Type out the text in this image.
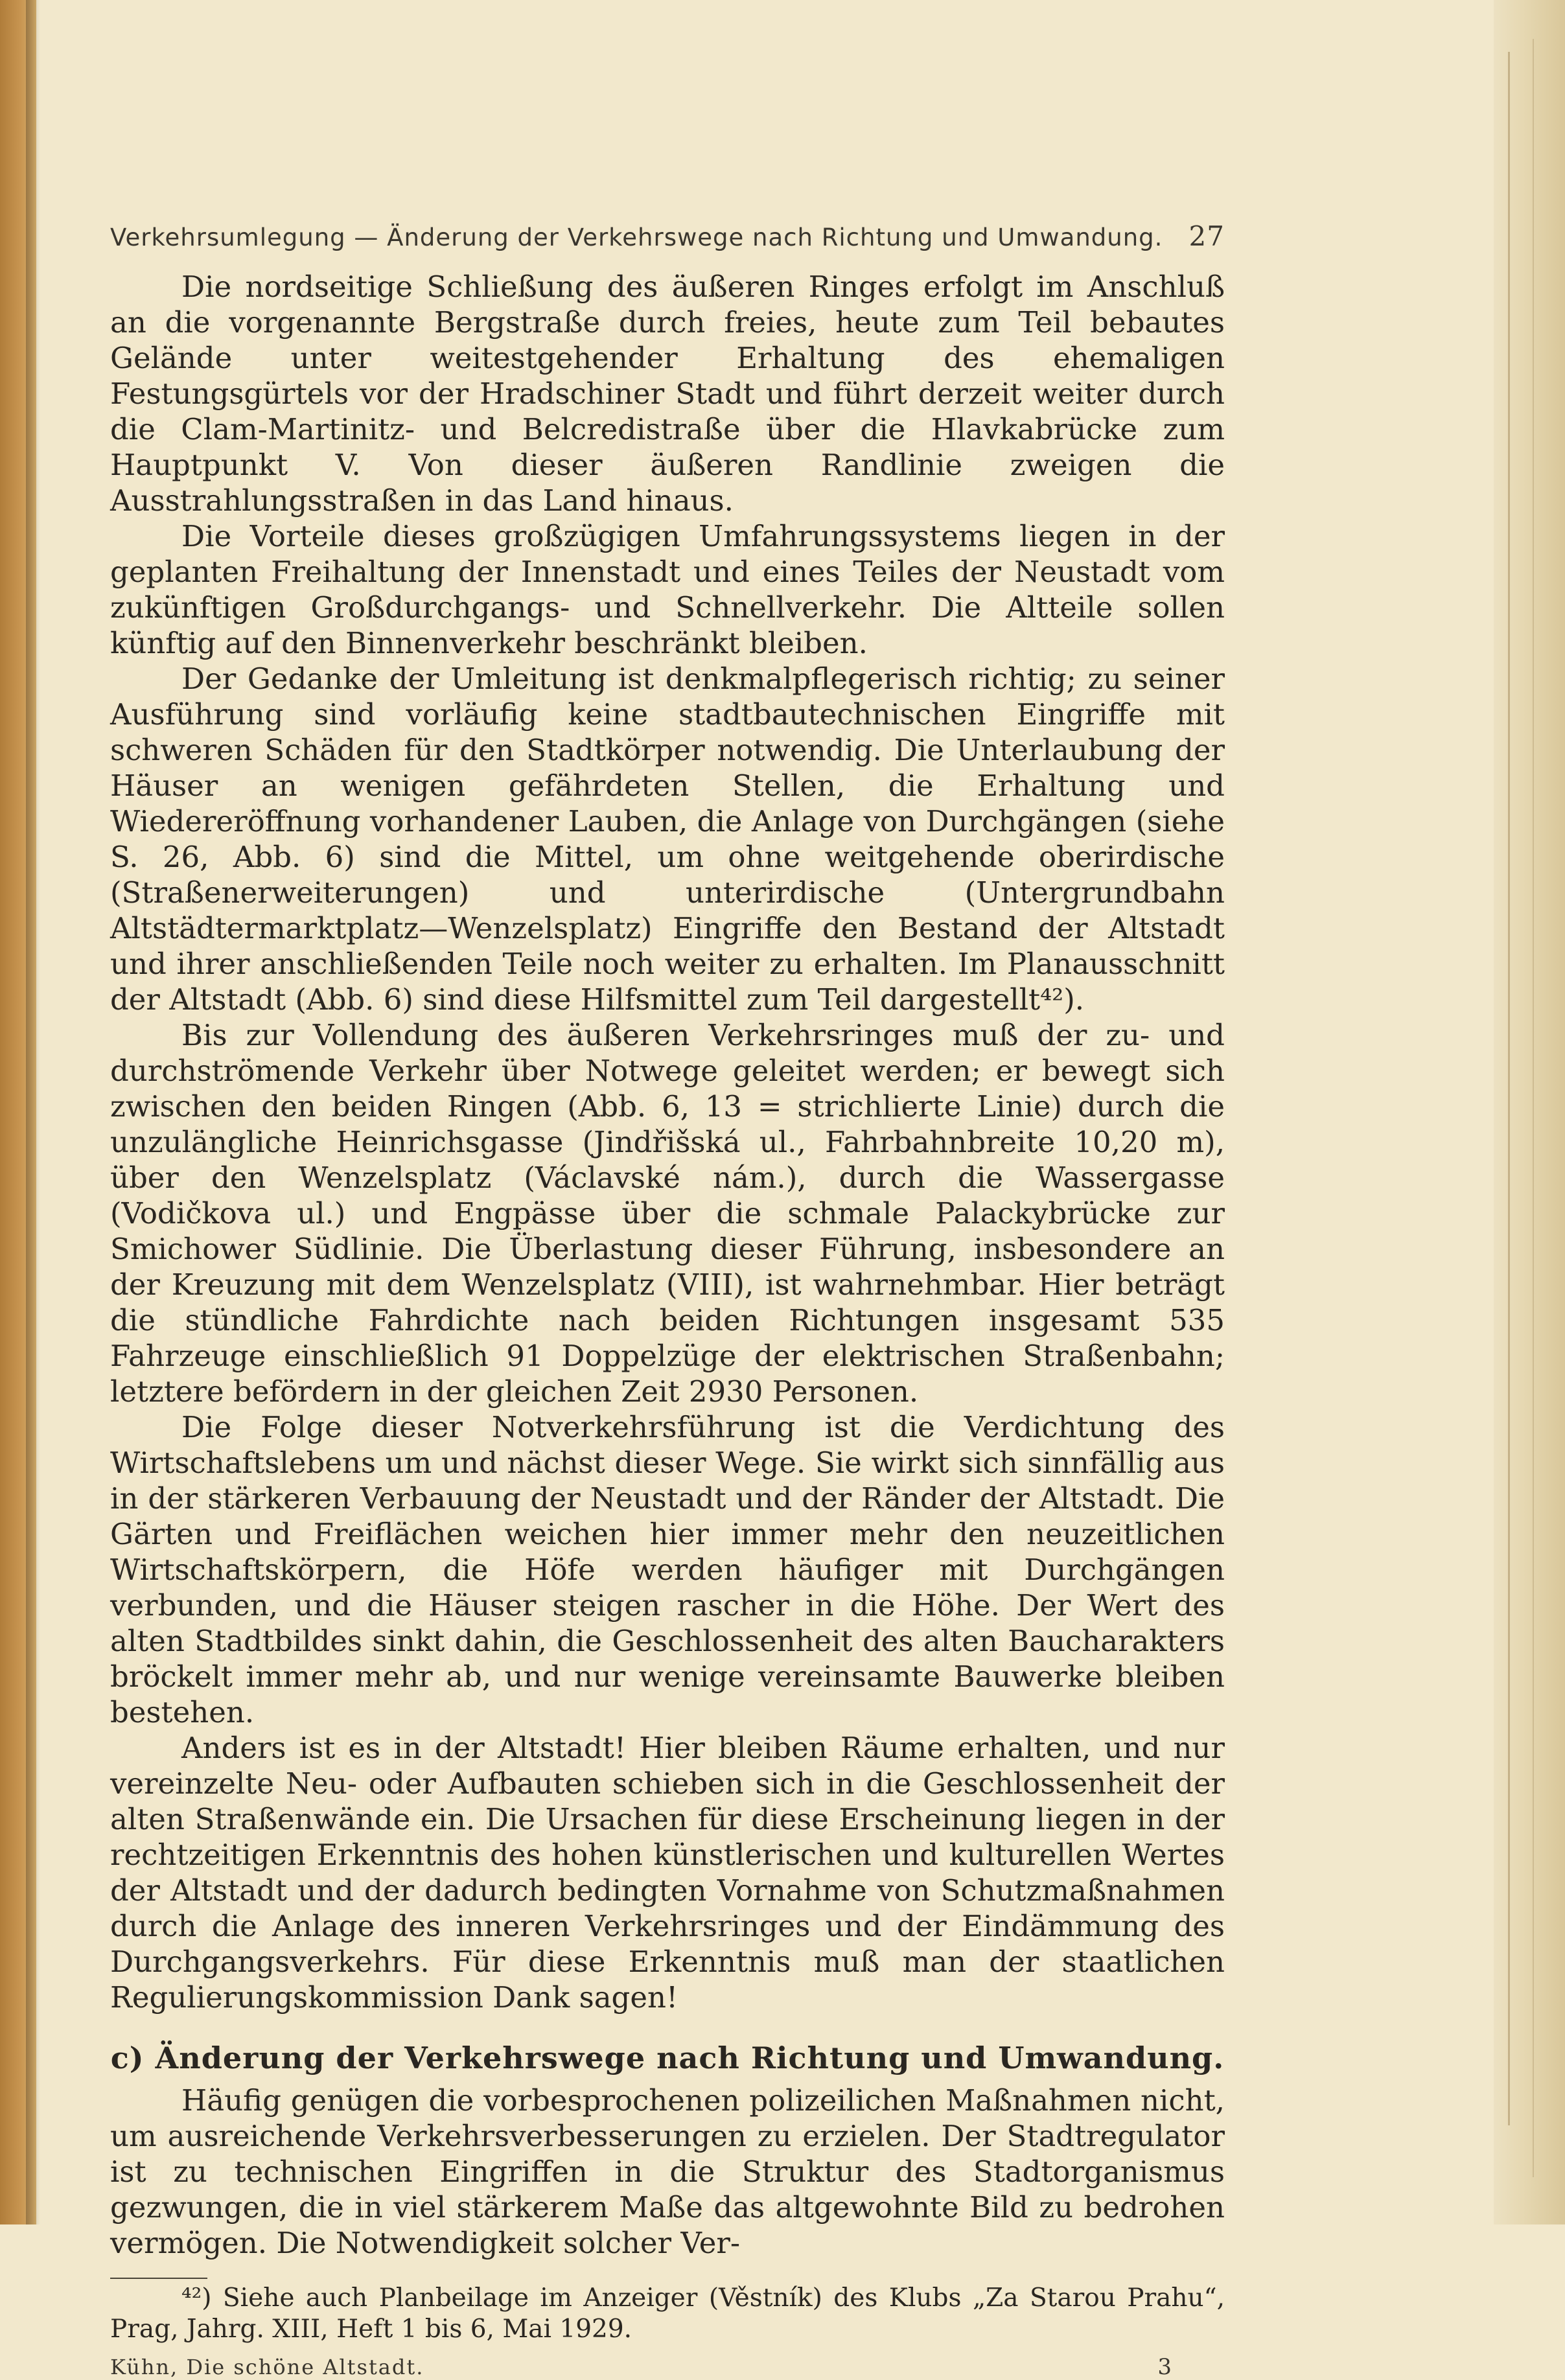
Verkehrsumlegung — Änderung der Verkehrswege nach Richtung und Umwandung. 27

Die nordseitige Schließung des äußeren Ringes erfolgt im Anschluß an die vorgenannte Bergstraße durch freies, heute zum Teil bebautes Gelände unter weitestgehender Erhaltung des ehemaligen Festungsgürtels vor der Hradschiner Stadt und führt derzeit weiter durch die Clam-Martinitz- und Belcredistraße über die Hlavkabrücke zum Hauptpunkt V. Von dieser äußeren Randlinie zweigen die Ausstrahlungsstraßen in das Land hinaus.

Die Vorteile dieses großzügigen Umfahrungssystems liegen in der geplanten Freihaltung der Innenstadt und eines Teiles der Neustadt vom zukünftigen Großdurchgangs- und Schnellverkehr. Die Altteile sollen künftig auf den Binnenverkehr beschränkt bleiben.

Der Gedanke der Umleitung ist denkmalpflegerisch richtig; zu seiner Ausführung sind vorläufig keine stadtbautechnischen Eingriffe mit schweren Schäden für den Stadtkörper notwendig. Die Unterlaubung der Häuser an wenigen gefährdeten Stellen, die Erhaltung und Wiedereröffnung vorhandener Lauben, die Anlage von Durchgängen (siehe S. 26, Abb. 6) sind die Mittel, um ohne weitgehende oberirdische (Straßenerweiterungen) und unterirdische (Untergrundbahn Altstädtermarktplatz—Wenzelsplatz) Eingriffe den Bestand der Altstadt und ihrer anschließenden Teile noch weiter zu erhalten. Im Planausschnitt der Altstadt (Abb. 6) sind diese Hilfsmittel zum Teil dargestellt⁴²).

Bis zur Vollendung des äußeren Verkehrsringes muß der zu- und durchströmende Verkehr über Notwege geleitet werden; er bewegt sich zwischen den beiden Ringen (Abb. 6, 13 = strichlierte Linie) durch die unzulängliche Heinrichsgasse (Jindřišská ul., Fahrbahnbreite 10,20 m), über den Wenzelsplatz (Václavské nám.), durch die Wassergasse (Vodičkova ul.) und Engpässe über die schmale Palackybrücke zur Smichower Südlinie. Die Überlastung dieser Führung, insbesondere an der Kreuzung mit dem Wenzelsplatz (VIII), ist wahrnehmbar. Hier beträgt die stündliche Fahrdichte nach beiden Richtungen insgesamt 535 Fahrzeuge einschließlich 91 Doppelzüge der elektrischen Straßenbahn; letztere befördern in der gleichen Zeit 2930 Personen.

Die Folge dieser Notverkehrsführung ist die Verdichtung des Wirtschaftslebens um und nächst dieser Wege. Sie wirkt sich sinnfällig aus in der stärkeren Verbauung der Neustadt und der Ränder der Altstadt. Die Gärten und Freiflächen weichen hier immer mehr den neuzeitlichen Wirtschaftskörpern, die Höfe werden häufiger mit Durchgängen verbunden, und die Häuser steigen rascher in die Höhe. Der Wert des alten Stadtbildes sinkt dahin, die Geschlossenheit des alten Baucharakters bröckelt immer mehr ab, und nur wenige vereinsamte Bauwerke bleiben bestehen.

Anders ist es in der Altstadt! Hier bleiben Räume erhalten, und nur vereinzelte Neu- oder Aufbauten schieben sich in die Geschlossenheit der alten Straßenwände ein. Die Ursachen für diese Erscheinung liegen in der rechtzeitigen Erkenntnis des hohen künstlerischen und kulturellen Wertes der Altstadt und der dadurch bedingten Vornahme von Schutzmaßnahmen durch die Anlage des inneren Verkehrsringes und der Eindämmung des Durchgangsverkehrs. Für diese Erkenntnis muß man der staatlichen Regulierungskommission Dank sagen!

c) Änderung der Verkehrswege nach Richtung und Umwandung.

Häufig genügen die vorbesprochenen polizeilichen Maßnahmen nicht, um ausreichende Verkehrsverbesserungen zu erzielen. Der Stadtregulator ist zu technischen Eingriffen in die Struktur des Stadtorganismus gezwungen, die in viel stärkerem Maße das altgewohnte Bild zu bedrohen vermögen. Die Notwendigkeit solcher Ver-

⁴²) Siehe auch Planbeilage im Anzeiger (Věstník) des Klubs „Za Starou Prahu“, Prag, Jahrg. XIII, Heft 1 bis 6, Mai 1929.

Kühn, Die schöne Altstadt.	3
